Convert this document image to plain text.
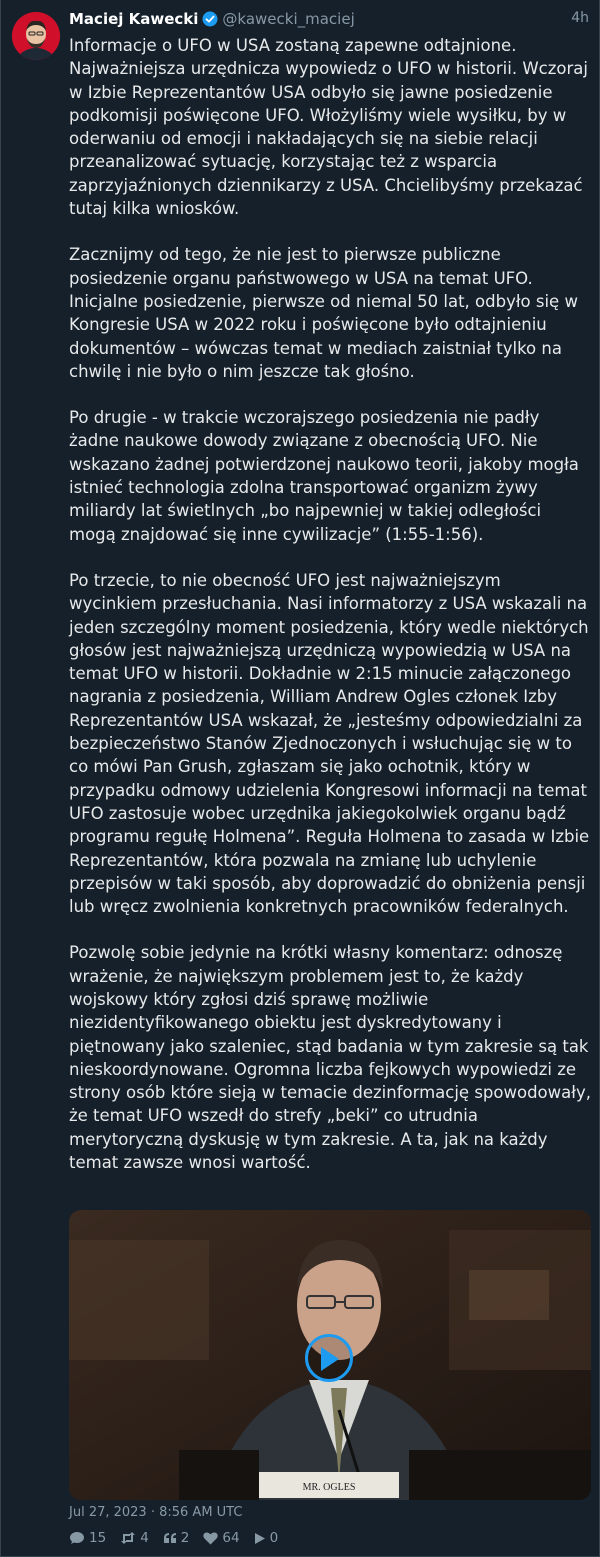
Maciej Kawecki @kawecki_maciej	4h

Informacje o UFO w USA zostaną zapewne odtajnione. Najważniejsza urzędnicza wypowiedz o UFO w historii. Wczoraj w Izbie Reprezentantów USA odbyło się jawne posiedzenie podkomisji poświęcone UFO. Włożyliśmy wiele wysiłku, by w oderwaniu od emocji i nakładających się na siebie relacji przeanalizować sytuację, korzystając też z wsparcia zaprzyjaźnionych dziennikarzy z USA. Chcielibyśmy przekazać tutaj kilka wniosków.

Zacznijmy od tego, że nie jest to pierwsze publiczne posiedzenie organu państwowego w USA na temat UFO. Inicjalne posiedzenie, pierwsze od niemal 50 lat, odbyło się w Kongresie USA w 2022 roku i poświęcone było odtajnieniu dokumentów – wówczas temat w mediach zaistniał tylko na chwilę i nie było o nim jeszcze tak głośno.

Po drugie - w trakcie wczorajszego posiedzenia nie padły żadne naukowe dowody związane z obecnością UFO. Nie wskazano żadnej potwierdzonej naukowo teorii, jakoby mogła istnieć technologia zdolna transportować organizm żywy miliardy lat świetlnych „bo najpewniej w takiej odległości mogą znajdować się inne cywilizacje” (1:55-1:56).

Po trzecie, to nie obecność UFO jest najważniejszym wycinkiem przesłuchania. Nasi informatorzy z USA wskazali na jeden szczególny moment posiedzenia, który wedle niektórych głosów jest najważniejszą urzędniczą wypowiedzią w USA na temat UFO w historii. Dokładnie w 2:15 minucie załączonego nagrania z posiedzenia, William Andrew Ogles członek Izby Reprezentantów USA wskazał, że „jesteśmy odpowiedzialni za bezpieczeństwo Stanów Zjednoczonych i wsłuchując się w to co mówi Pan Grush, zgłaszam się jako ochotnik, który w przypadku odmowy udzielenia Kongresowi informacji na temat UFO zastosuje wobec urzędnika jakiegokolwiek organu bądź programu regułę Holmena”. Reguła Holmena to zasada w Izbie Reprezentantów, która pozwala na zmianę lub uchylenie przepisów w taki sposób, aby doprowadzić do obniżenia pensji lub wręcz zwolnienia konkretnych pracowników federalnych.

Pozwolę sobie jedynie na krótki własny komentarz: odnoszę wrażenie, że największym problemem jest to, że każdy wojskowy który zgłosi dziś sprawę możliwie niezidentyfikowanego obiektu jest dyskredytowany i piętnowany jako szaleniec, stąd badania w tym zakresie są tak nieskoordynowane. Ogromna liczba fejkowych wypowiedzi ze strony osób które sieją w temacie dezinformację spowodowały, że temat UFO wszedł do strefy „beki” co utrudnia merytoryczną dyskusję w tym zakresie. A ta, jak na każdy temat zawsze wnosi wartość.

MR. OGLES
Jul 27, 2023 · 8:56 AM UTC
15	4 2 64 0
